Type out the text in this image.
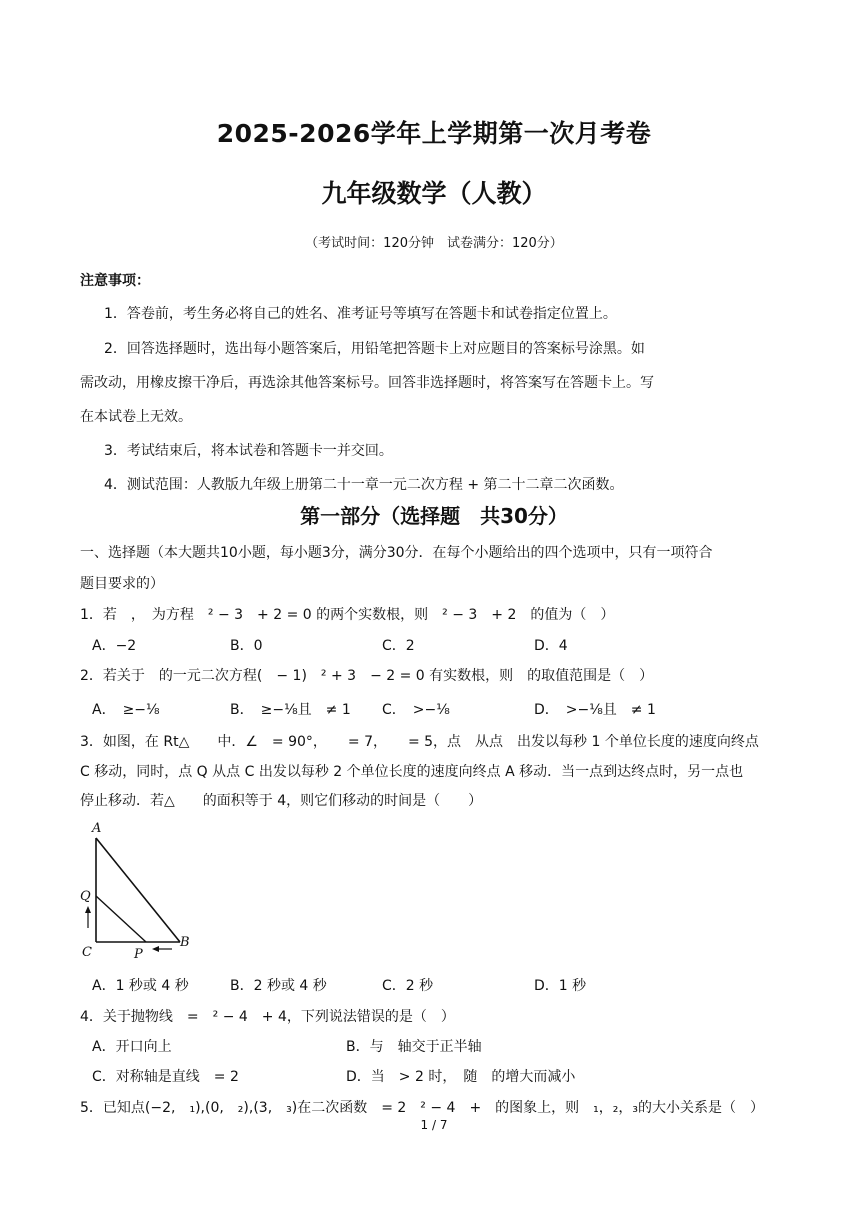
2025-2026学年上学期第一次月考卷
九年级数学（人教）
（考试时间：120分钟　试卷满分：120分）
注意事项：
1．答卷前，考生务必将自己的姓名、准考证号等填写在答题卡和试卷指定位置上。
2．回答选择题时，选出每小题答案后，用铅笔把答题卡上对应题目的答案标号涂黑。如
需改动，用橡皮擦干净后，再选涂其他答案标号。回答非选择题时，将答案写在答题卡上。写
在本试卷上无效。
3．考试结束后，将本试卷和答题卡一并交回。
4．测试范围：人教版九年级上册第二十一章一元二次方程 + 第二十二章二次函数。
第一部分（选择题　共30分）
一、选择题（本大题共10小题，每小题3分，满分30分．在每个小题给出的四个选项中，只有一项符合
题目要求的）
1．若　，　为方程　² − 3　+ 2 = 0 的两个实数根，则　² − 3　+ 2　的值为（　）
A．−2	B．0	C．2	D．4
2．若关于　的一元二次方程(　− 1)　² + 3　− 2 = 0 有实数根，则　的取值范围是（　）
A．　≥−⅛	B．　≥−⅛且　≠ 1 C．　>−⅛	D．　>−⅛且　≠ 1
3．如图，在 Rt△　　中．∠　= 90°，　　= 7，　　= 5，点　从点　出发以每秒 1 个单位长度的速度向终点
C 移动，同时，点 Q 从点 C 出发以每秒 2 个单位长度的速度向终点 A 移动．当一点到达终点时，另一点也
停止移动．若△　　的面积等于 4，则它们移动的时间是（　　）
A
Q
C	P
B
A．1 秒或 4 秒	B．2 秒或 4 秒	C．2 秒	D．1 秒
4．关于抛物线　=　² − 4　+ 4，下列说法错误的是（　）
A．开口向上	B．与　轴交于正半轴
C．对称轴是直线　= 2	D．当　> 2 时，　随　的增大而减小
5．已知点(−2,　₁),(0,　₂),(3,　₃)在二次函数　= 2　² − 4　+　的图象上，则　₁，₂，₃的大小关系是（　）
1 / 7
